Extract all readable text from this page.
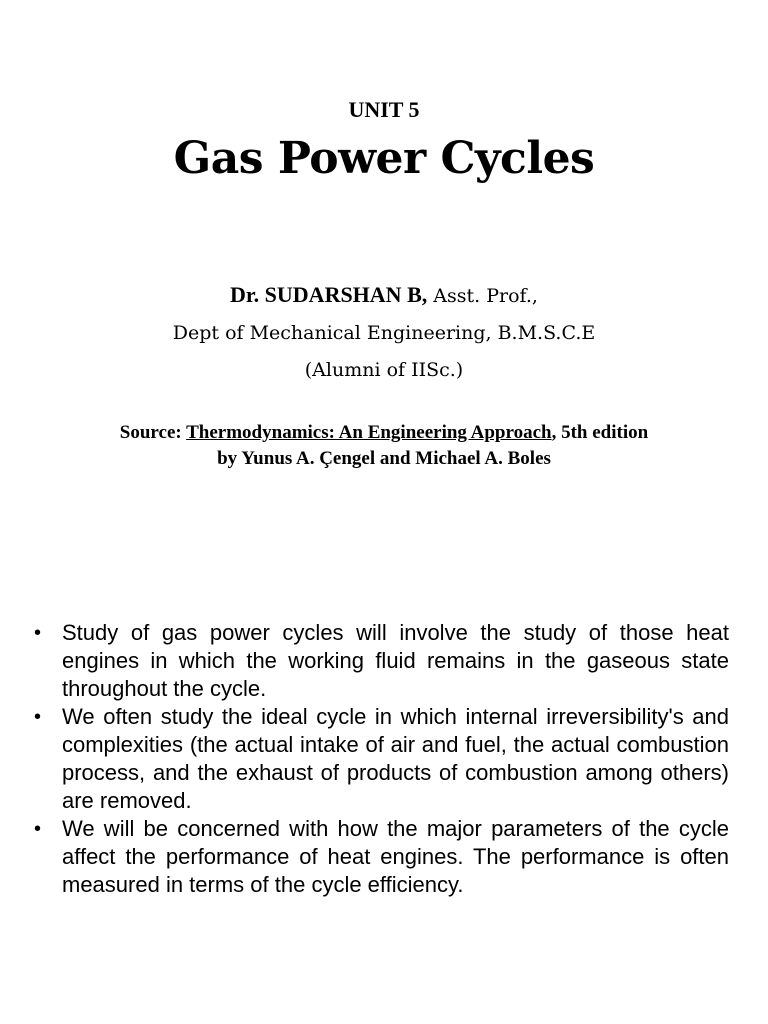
UNIT 5
Gas Power Cycles
Dr. SUDARSHAN B, Asst. Prof.,
Dept of Mechanical Engineering, B.M.S.C.E
(Alumni of IISc.)
Source: Thermodynamics: An Engineering Approach, 5th edition
by Yunus A. Çengel and Michael A. Boles
• Study of gas power cycles will involve the study of those heat engines in which the working fluid remains in the gaseous state throughout the cycle.
• We often study the ideal cycle in which internal irreversibility's and complexities (the actual intake of air and fuel, the actual combustion process, and the exhaust of products of combustion among others) are removed.
• We will be concerned with how the major parameters of the cycle affect the performance of heat engines. The performance is often measured in terms of the cycle efficiency.
